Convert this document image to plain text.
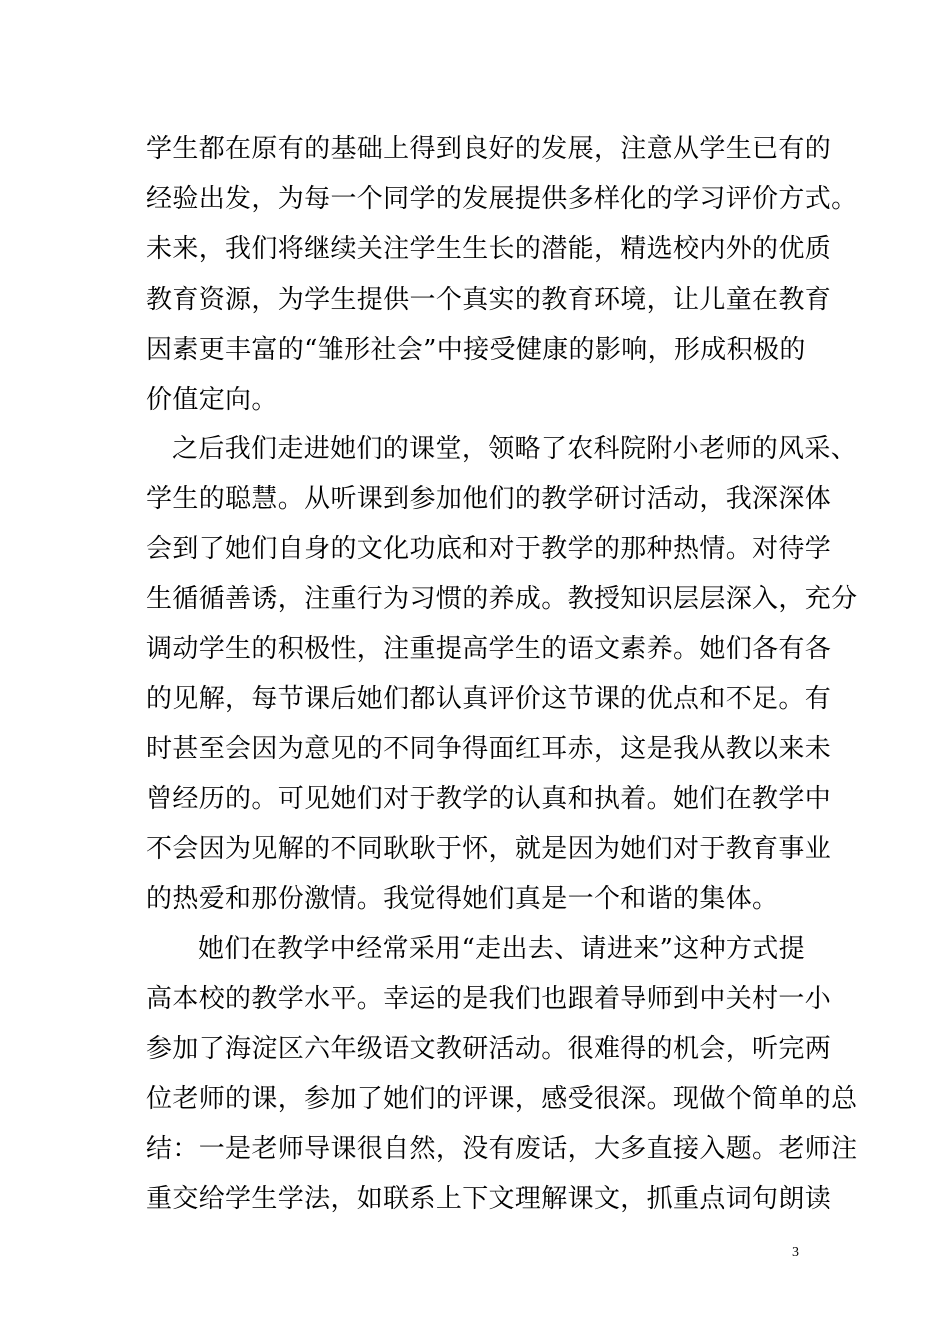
学生都在原有的基础上得到良好的发展，注意从学生已有的
经验出发，为每一个同学的发展提供多样化的学习评价方式。
未来，我们将继续关注学生生长的潜能，精选校内外的优质
教育资源，为学生提供一个真实的教育环境，让儿童在教育
因素更丰富的“雏形社会”中接受健康的影响，形成积极的
价值定向。
之后我们走进她们的课堂，领略了农科院附小老师的风采、
学生的聪慧。从听课到参加他们的教学研讨活动，我深深体
会到了她们自身的文化功底和对于教学的那种热情。对待学
生循循善诱，注重行为习惯的养成。教授知识层层深入，充分
调动学生的积极性，注重提高学生的语文素养。她们各有各
的见解，每节课后她们都认真评价这节课的优点和不足。有
时甚至会因为意见的不同争得面红耳赤，这是我从教以来未
曾经历的。可见她们对于教学的认真和执着。她们在教学中
不会因为见解的不同耿耿于怀，就是因为她们对于教育事业
的热爱和那份激情。我觉得她们真是一个和谐的集体。
她们在教学中经常采用“走出去、请进来”这种方式提
高本校的教学水平。幸运的是我们也跟着导师到中关村一小
参加了海淀区六年级语文教研活动。很难得的机会，听完两
位老师的课，参加了她们的评课，感受很深。现做个简单的总
结：一是老师导课很自然，没有废话，大多直接入题。老师注
重交给学生学法，如联系上下文理解课文，抓重点词句朗读
3
